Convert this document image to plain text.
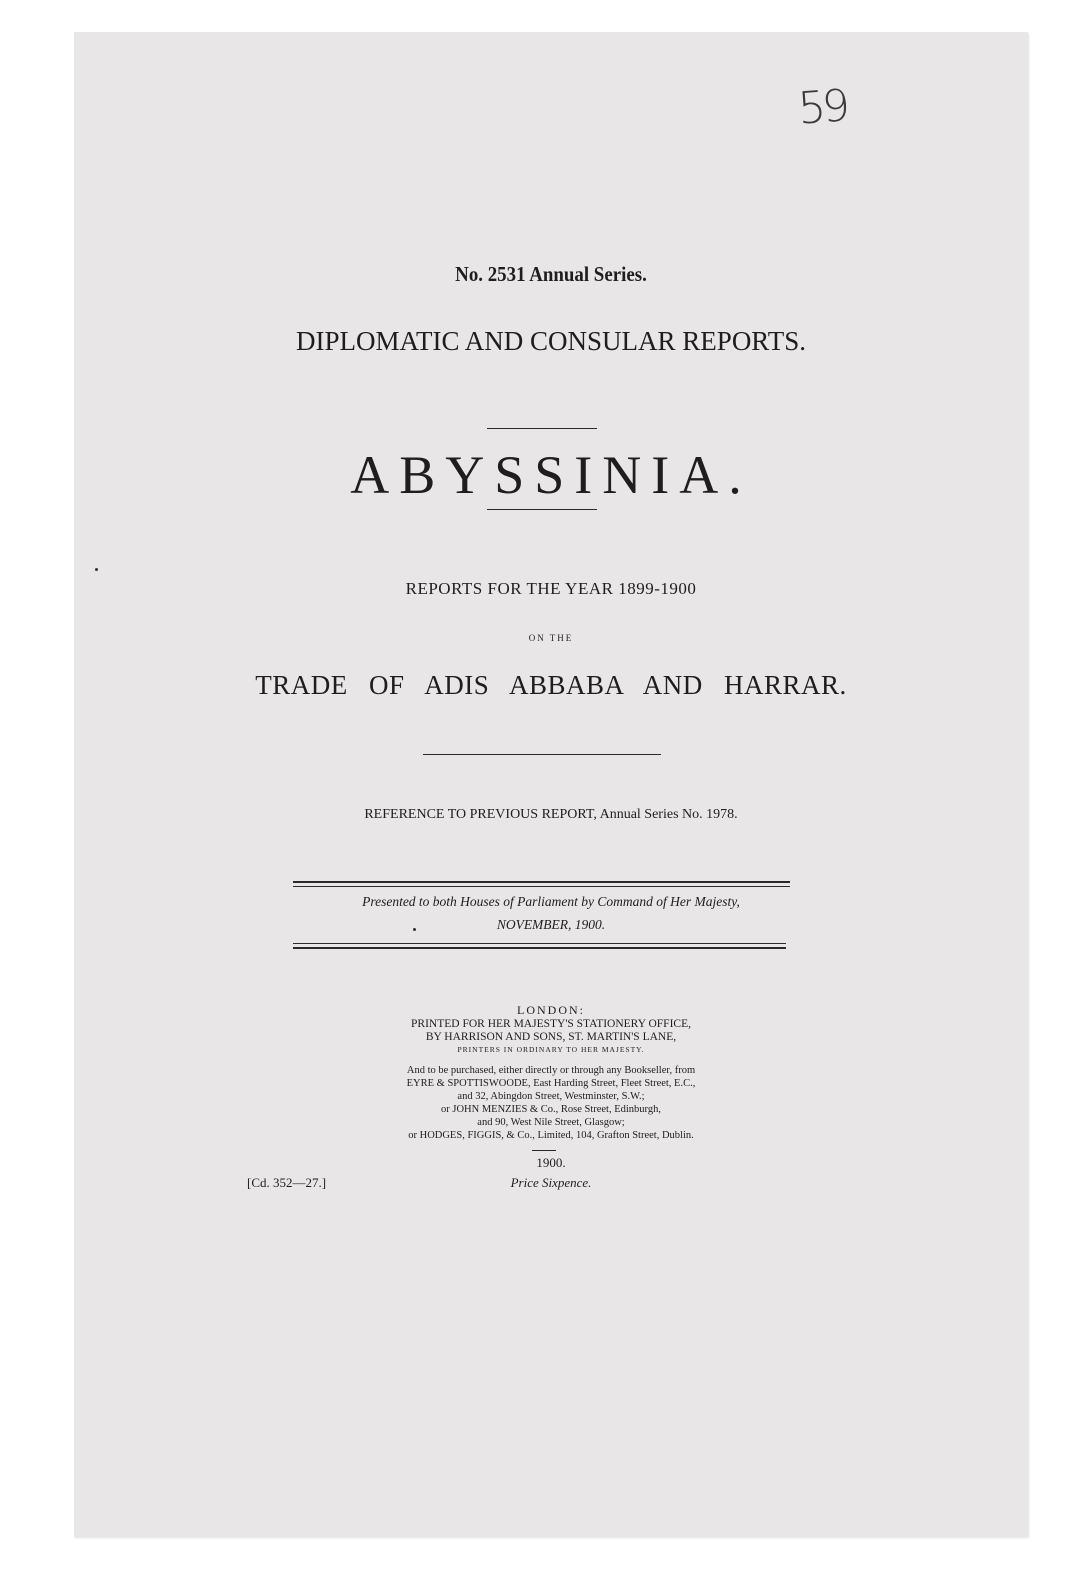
59
No. 2531 Annual Series.
DIPLOMATIC AND CONSULAR REPORTS.
ABYSSINIA.
REPORTS FOR THE YEAR 1899-1900
ON THE
TRADE OF ADIS ABBABA AND HARRAR.
REFERENCE TO PREVIOUS REPORT, Annual Series No. 1978.
Presented to both Houses of Parliament by Command of Her Majesty,
NOVEMBER, 1900.
LONDON:
PRINTED FOR HER MAJESTY'S STATIONERY OFFICE,
BY HARRISON AND SONS, ST. MARTIN'S LANE,
PRINTERS IN ORDINARY TO HER MAJESTY.
And to be purchased, either directly or through any Bookseller, from
EYRE & SPOTTISWOODE, East Harding Street, Fleet Street, E.C.,
and 32, Abingdon Street, Westminster, S.W.;
or JOHN MENZIES & Co., Rose Street, Edinburgh,
and 90, West Nile Street, Glasgow;
or HODGES, FIGGIS, & Co., Limited, 104, Grafton Street, Dublin.
1900.
Price Sixpence.
[Cd. 352—27.]
